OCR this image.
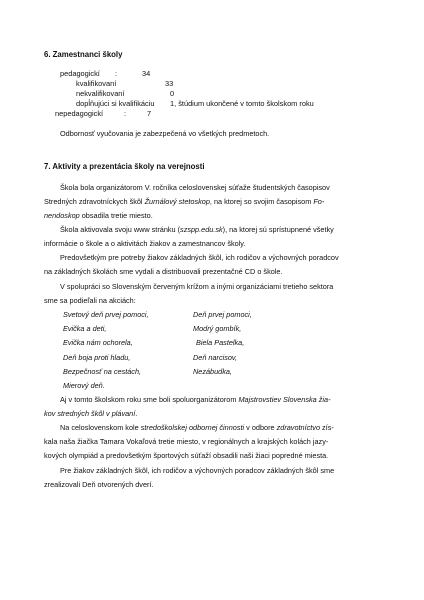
6. Zamestnanci školy
pedagogickí :	34
kvalifikovaní	33
nekvalifikovaní	0
dopĺňujúci si kvalifikáciu 1, štúdium ukončené v tomto školskom roku
nepedagogickí	:	7
Odbornosť vyučovania je zabezpečená vo všetkých predmetoch.
7. Aktivity a prezentácia školy na verejnosti
Škola bola organizátorom V. ročníka celoslovenskej súťaže študentských časopisov
Stredných zdravotníckych škôl Žurnálový stetoskop, na ktorej so svojim časopisom Fo-
nendoskop obsadila tretie miesto.
Škola aktivovala svoju www stránku (szspp.edu.sk), na ktorej sú sprístupnené všetky
informácie o škole a o aktivitách žiakov a zamestnancov školy.
Predovšetkým pre potreby žiakov základných škôl, ich rodičov a výchovných poradcov
na základných školách sme vydali a distribuovali prezentačné CD o škole.
V spolupráci so Slovenským červeným krížom a inými organizáciami tretieho sektora
sme sa podieľali na akciách:
Svetový deň prvej pomoci,	Deň prvej pomoci,
Evička a deti,	Modrý gombík,
Evička nám ochorela,	Biela Pastelka,
Deň boja proti hladu,	Deň narcisov,
Bezpečnosť na cestách,	Nezábudka,
Mierový deň.
Aj v tomto školskom roku sme boli spoluorganizátorom Majstrovstiev Slovenska žia-
kov stredných škôl v plávaní.
Na celoslovenskom kole stredoškolskej odbornej činnosti v odbore zdravotníctvo zís-
kala naša žiačka Tamara Vokaľová tretie miesto, v regionálnych a krajských kolách jazy-
kových olympiád a predovšetkým športových súťaží obsadili naši žiaci popredné miesta.
Pre žiakov základných škôl, ich rodičov a výchovných poradcov základných škôl sme
zrealizovali Deň otvorených dverí.
